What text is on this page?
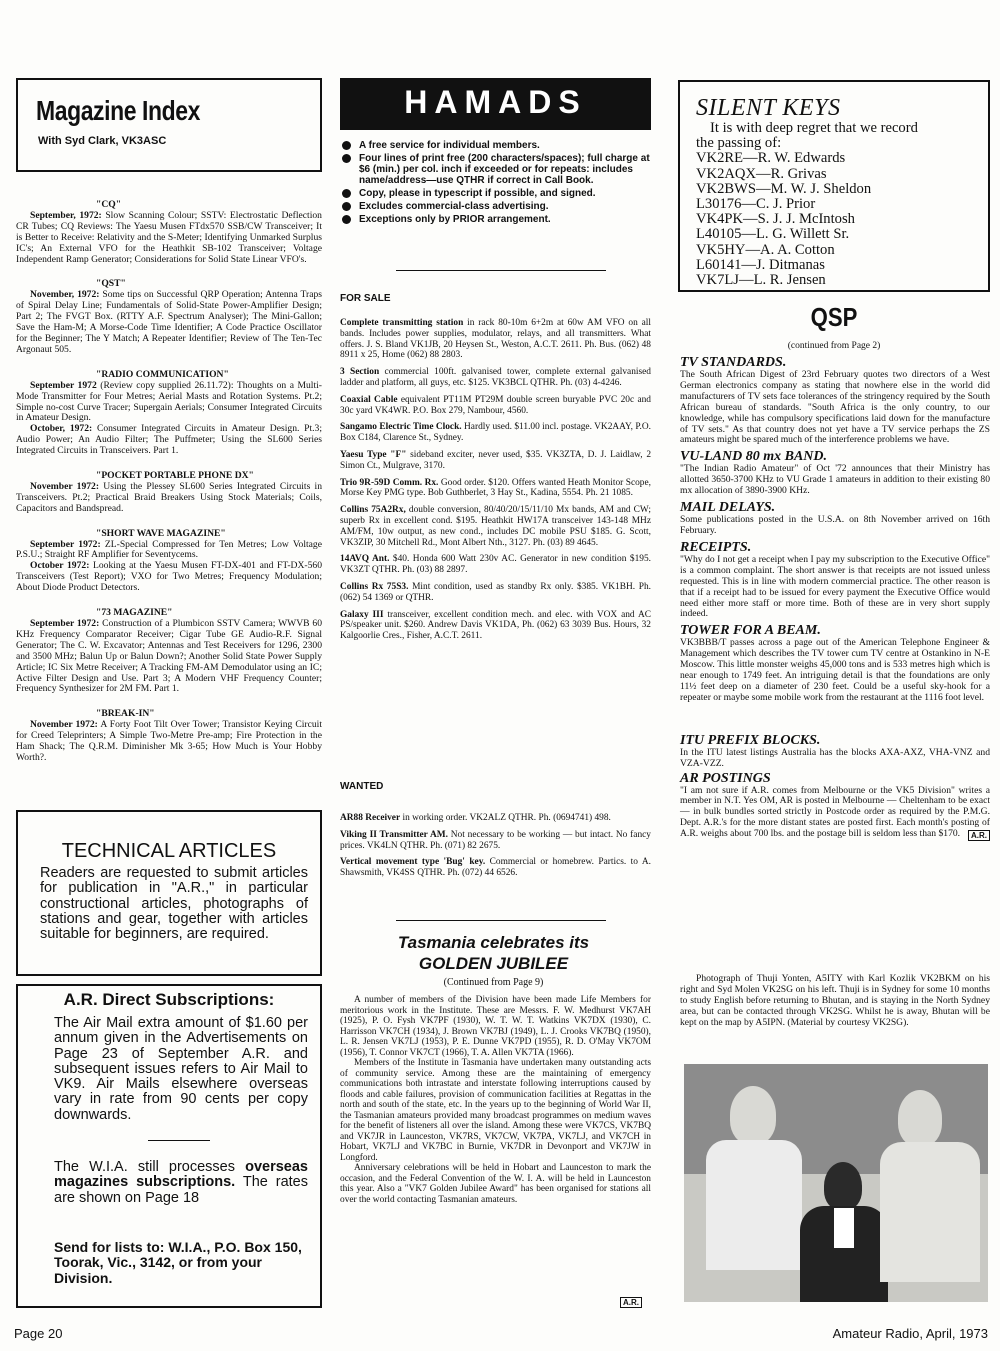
Magazine Index
With Syd Clark, VK3ASC
"CQ"

September, 1972: Slow Scanning Colour; SSTV: Electrostatic Deflection CR Tubes; CQ Reviews: The Yaesu Musen FTdx570 SSB/CW Transceiver; It is Better to Receive: Relativity and the S-Meter; Identifying Unmarked Surplus IC's; An External VFO for the Heathkit SB-102 Transceiver; Voltage Independent Ramp Generator; Considerations for Solid State Linear VFO's.

"QST"

November, 1972: Some tips on Successful QRP Operation; Antenna Traps of Spiral Delay Line; Fundamentals of Solid-State Power-Amplifier Design; Part 2; The FVGT Box. (RTTY A.F. Spectrum Analyser); The Mini-Gallon; Save the Ham-M; A Morse-Code Time Identifier; A Code Practice Oscillator for the Beginner; The Y Match; A Repeater Identifier; Review of The Ten-Tec Argonaut 505.

"RADIO COMMUNICATION"

September 1972 (Review copy supplied 26.11.72): Thoughts on a Multi-Mode Transmitter for Four Metres; Aerial Masts and Rotation Systems. Pt.2; Simple no-cost Curve Tracer; Supergain Aerials; Consumer Integrated Circuits in Amateur Design.

October, 1972: Consumer Integrated Circuits in Amateur Design. Pt.3; Audio Power; An Audio Filter; The Puffmeter; Using the SL600 Series Integrated Circuits in Transceivers. Part 1.

"POCKET PORTABLE PHONE DX"

November 1972: Using the Plessey SL600 Series Integrated Circuits in Transceivers. Pt.2; Practical Braid Breakers Using Stock Materials; Coils, Capacitors and Bandspread.

"SHORT WAVE MAGAZINE"

September 1972: ZL-Special Compressed for Ten Metres; Low Voltage P.S.U.; Straight RF Amplifier for Seventycems.

October 1972: Looking at the Yaesu Musen FT-DX-401 and FT-DX-560 Transceivers (Test Report); VXO for Two Metres; Frequency Modulation; About Diode Product Detectors.

"73 MAGAZINE"

September 1972: Construction of a Plumbicon SSTV Camera; WWVB 60 KHz Frequency Comparator Receiver; Cigar Tube GE Audio-R.F. Signal Generator; The C. W. Excavator; Antennas and Test Receivers for 1296, 2300 and 3500 MHz; Balun Up or Balun Down?; Another Solid State Power Supply Article; IC Six Metre Receiver; A Tracking FM-AM Demodulator using an IC; Active Filter Design and Use. Part 3; A Modern VHF Frequency Counter; Frequency Synthesizer for 2M FM. Part 1.

"BREAK-IN"

November 1972: A Forty Foot Tilt Over Tower; Transistor Keying Circuit for Creed Teleprinters; A Simple Two-Metre Pre-amp; Fire Protection in the Ham Shack; The Q.R.M. Diminisher Mk 3-65; How Much is Your Hobby Worth?.

TECHNICAL ARTICLES
Readers are requested to submit articles for publication in "A.R.," in particular constructional articles, photographs of stations and gear, together with articles suitable for beginners, are required.
A.R. Direct Subscriptions:
The Air Mail extra amount of $1.60 per annum given in the Advertisements on Page 23 of September A.R. and subsequent issues refers to Air Mail to VK9. Air Mails elsewhere overseas vary in rate from 90 cents per copy downwards.
The W.I.A. still processes overseas magazines subscriptions. The rates are shown on Page 18
Send for lists to: W.I.A., P.O. Box 150, Toorak, Vic., 3142, or from your Division.
Page 20
HAMADS
A free service for individual members.
Four lines of print free (200 characters/spaces); full charge at $6 (min.) per col. inch if exceeded or for repeats: includes name/address—use QTHR if correct in Call Book.
Copy, please in typescript if possible, and signed.
Excludes commercial-class advertising.
Exceptions only by PRIOR arrangement.
FOR SALE
Complete transmitting station in rack 80-10m 6+2m at 60w AM VFO on all bands. Includes power supplies, modulator, relays, and all transmitters. What offers. J. S. Bland VK1JB, 20 Heysen St., Weston, A.C.T. 2611. Ph. Bus. (062) 48 8911 x 25, Home (062) 88 2803.
3 Section commercial 100ft. galvanised tower, complete external galvanised ladder and platform, all guys, etc. $125. VK3BCL QTHR. Ph. (03) 4-4246.
Coaxial Cable equivalent PT11M PT29M double screen buryable PVC 20c and 30c yard VK4WR. P.O. Box 279, Nambour, 4560.
Sangamo Electric Time Clock. Hardly used. $11.00 incl. postage. VK2AAY, P.O. Box C184, Clarence St., Sydney.
Yaesu Type "F" sideband exciter, never used, $35. VK3ZTA, D. J. Laidlaw, 2 Simon Ct., Mulgrave, 3170.
Trio 9R-59D Comm. Rx. Good order. $120. Offers wanted Heath Monitor Scope, Morse Key PMG type. Bob Guthberlet, 3 Hay St., Kadina, 5554. Ph. 21 1085.
Collins 75A2Rx, double conversion, 80/40/20/15/11/10 Mx bands, AM and CW; superb Rx in excellent cond. $195. Heathkit HW17A transceiver 143-148 MHz AM/FM, 10w output, as new cond., includes DC mobile PSU $185. G. Scott, VK3ZIP, 30 Mitchell Rd., Mont Albert Nth., 3127. Ph. (03) 89 4645.
14AVQ Ant. $40. Honda 600 Watt 230v AC. Generator in new condition $195. VK3ZT QTHR. Ph. (03) 88 2897.
Collins Rx 75S3. Mint condition, used as standby Rx only. $385. VK1BH. Ph. (062) 54 1369 or QTHR.
Galaxy III transceiver, excellent condition mech. and elec. with VOX and AC PS/speaker unit. $260. Andrew Davis VK1DA, Ph. (062) 63 3039 Bus. Hours, 32 Kalgoorlie Cres., Fisher, A.C.T. 2611.
WANTED
AR88 Receiver in working order. VK2ALZ QTHR. Ph. (0694741) 498.
Viking II Transmitter AM. Not necessary to be working — but intact. No fancy prices. VK4LN QTHR. Ph. (071) 82 2675.
Vertical movement type 'Bug' key. Commercial or homebrew. Partics. to A. Shawsmith, VK4SS QTHR. Ph. (072) 44 6526.
Tasmania celebrates its
GOLDEN JUBILEE
(Continued from Page 9)

A number of members of the Division have been made Life Members for meritorious work in the Institute. These are Messrs. F. W. Medhurst VK7AH (1925), P. O. Fysh VK7PF (1930), W. T. W. T. Watkins VK7DX (1930), C. Harrisson VK7CH (1934), J. Brown VK7BJ (1949), L. J. Crooks VK7BQ (1950), L. R. Jensen VK7LJ (1953), P. E. Dunne VK7PD (1955), R. D. O'May VK7OM (1956), T. Connor VK7CT (1966), T. A. Allen VK7TA (1966).

Members of the Institute in Tasmania have undertaken many outstanding acts of community service. Among these are the maintaining of emergency communications both intrastate and interstate following interruptions caused by floods and cable failures, provision of communication facilities at Regattas in the north and south of the state, etc. In the years up to the beginning of World War II, the Tasmanian amateurs provided many broadcast programmes on medium waves for the benefit of listeners all over the island. Among these were VK7CS, VK7BQ and VK7JR in Launceston, VK7RS, VK7CW, VK7PA, VK7LJ, and VK7CH in Hobart, VK7LJ and VK7BC in Burnie, VK7DR in Devonport and VK7JW in Longford.

Anniversary celebrations will be held in Hobart and Launceston to mark the occasion, and the Federal Convention of the W. I. A. will be held in Launceston this year. Also a "VK7 Golden Jubilee Award" has been organised for stations all over the world contacting Tasmanian amateurs.

A.R.
SILENT KEYS
It is with deep regret that we record
the passing of:
VK2RE—R. W. Edwards
VK2AQX—R. Grivas
VK2BWS—M. W. J. Sheldon
L30176—C. J. Prior
VK4PK—S. J. J. McIntosh
L40105—L. G. Willett Sr.
VK5HY—A. A. Cotton
L60141—J. Ditmanas
VK7LJ—L. R. Jensen
QSP
(continued from Page 2)
TV STANDARDS.
The South African Digest of 23rd February quotes two directors of a West German electronics company as stating that nowhere else in the world did manufacturers of TV sets face tolerances of the stringency required by the South African bureau of standards. "South Africa is the only country, to our knowledge, while has compulsory specifications laid down for the manufacture of TV sets." As that country does not yet have a TV service perhaps the ZS amateurs might be spared much of the interference problems we have.
VU-LAND 80 mx BAND.
"The Indian Radio Amateur" of Oct '72 announces that their Ministry has allotted 3650-3700 KHz to VU Grade 1 amateurs in addition to their existing 80 mx allocation of 3890-3900 KHz.
MAIL DELAYS.
Some publications posted in the U.S.A. on 8th November arrived on 16th February.
RECEIPTS.
"Why do I not get a receipt when I pay my subscription to the Executive Office" is a common complaint. The short answer is that receipts are not issued unless requested. This is in line with modern commercial practice. The other reason is that if a receipt had to be issued for every payment the Executive Office would need either more staff or more time. Both of these are in very short supply indeed.
TOWER FOR A BEAM.
VK3BBB/T passes across a page out of the American Telephone Engineer & Management which describes the TV tower cum TV centre at Ostankino in N-E Moscow. This little monster weighs 45,000 tons and is 533 metres high which is near enough to 1749 feet. An intriguing detail is that the foundations are only 11½ feet deep on a diameter of 230 feet. Could be a useful sky-hook for a repeater or maybe some mobile work from the restaurant at the 1116 foot level.
ITU PREFIX BLOCKS.
In the ITU latest listings Australia has the blocks AXA-AXZ, VHA-VNZ and VZA-VZZ.
AR POSTINGS
"I am not sure if A.R. comes from Melbourne or the VK5 Division" writes a member in N.T. Yes OM, AR is posted in Melbourne — Cheltenham to be exact — in bulk bundles sorted strictly in Postcode order as required by the P.M.G. Dept. A.R.'s for the more distant states are posted first. Each month's posting of A.R. weighs about 700 lbs. and the postage bill is seldom less than $170.	A.R.
Photograph of Thuji Yonten, A5ITY with Karl Kozlik VK2BKM on his right and Syd Molen VK2SG on his left. Thuji is in Sydney for some 10 months to study English before returning to Bhutan, and is staying in the North Sydney area, but can be contacted through VK2SG. Whilst he is away, Bhutan will be kept on the map by A5IPN. (Material by courtesy VK2SG).
Amateur Radio, April, 1973
